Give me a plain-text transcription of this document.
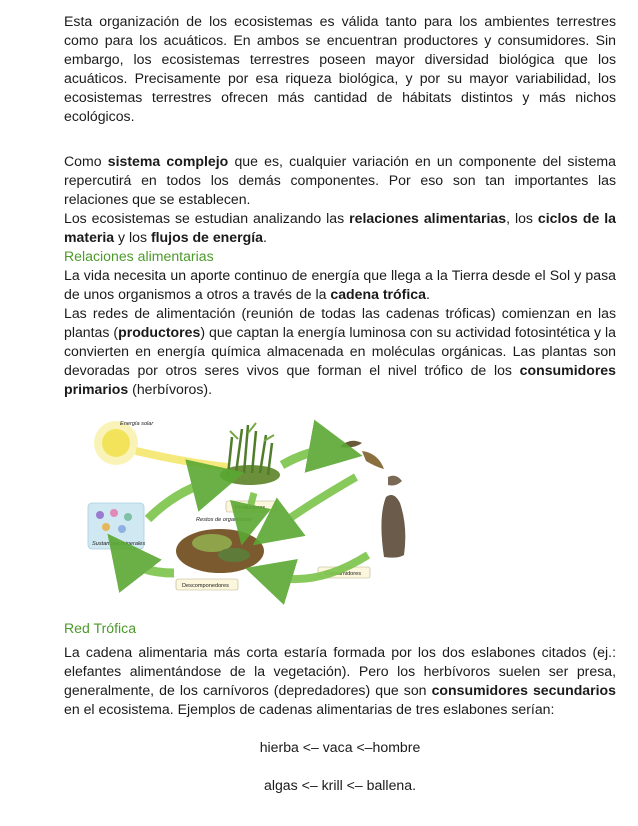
Esta organización de los ecosistemas es válida tanto para los ambientes terrestres como para los acuáticos. En ambos se encuentran productores y consumidores. Sin embargo, los ecosistemas terrestres poseen mayor diversidad biológica que los acuáticos. Precisamente por esa riqueza biológica, y por su mayor variabilidad, los ecosistemas terrestres ofrecen más cantidad de hábitats distintos y más nichos ecológicos.

Como sistema complejo que es, cualquier variación en un componente del sistema repercutirá en todos los demás componentes. Por eso son tan importantes las relaciones que se establecen.

Los ecosistemas se estudian analizando las relaciones alimentarias, los ciclos de la materia y los flujos de energía.

Relaciones alimentarias

La vida necesita un aporte continuo de energía que llega a la Tierra desde el Sol y pasa de unos organismos a otros a través de la cadena trófica.

Las redes de alimentación (reunión de todas las cadenas tróficas) comienzan en las plantas (productores) que captan la energía luminosa con su actividad fotosintética y la convierten en energía química almacenada en moléculas orgánicas. Las plantas son devoradas por otros seres vivos que forman el nivel trófico de los consumidores primarios (herbívoros).

Energía solar
Productores
Consumidores
Sustancias minerales
Restos de organismos
Descomponedores
Red Trófica

La cadena alimentaria más corta estaría formada por los dos eslabones citados (ej.: elefantes alimentándose de la vegetación). Pero los herbívoros suelen ser presa, generalmente, de los carnívoros (depredadores) que son consumidores secundarios en el ecosistema. Ejemplos de cadenas alimentarias de tres eslabones serían:

hierba <– vaca <–hombre
algas <– krill <– ballena.
